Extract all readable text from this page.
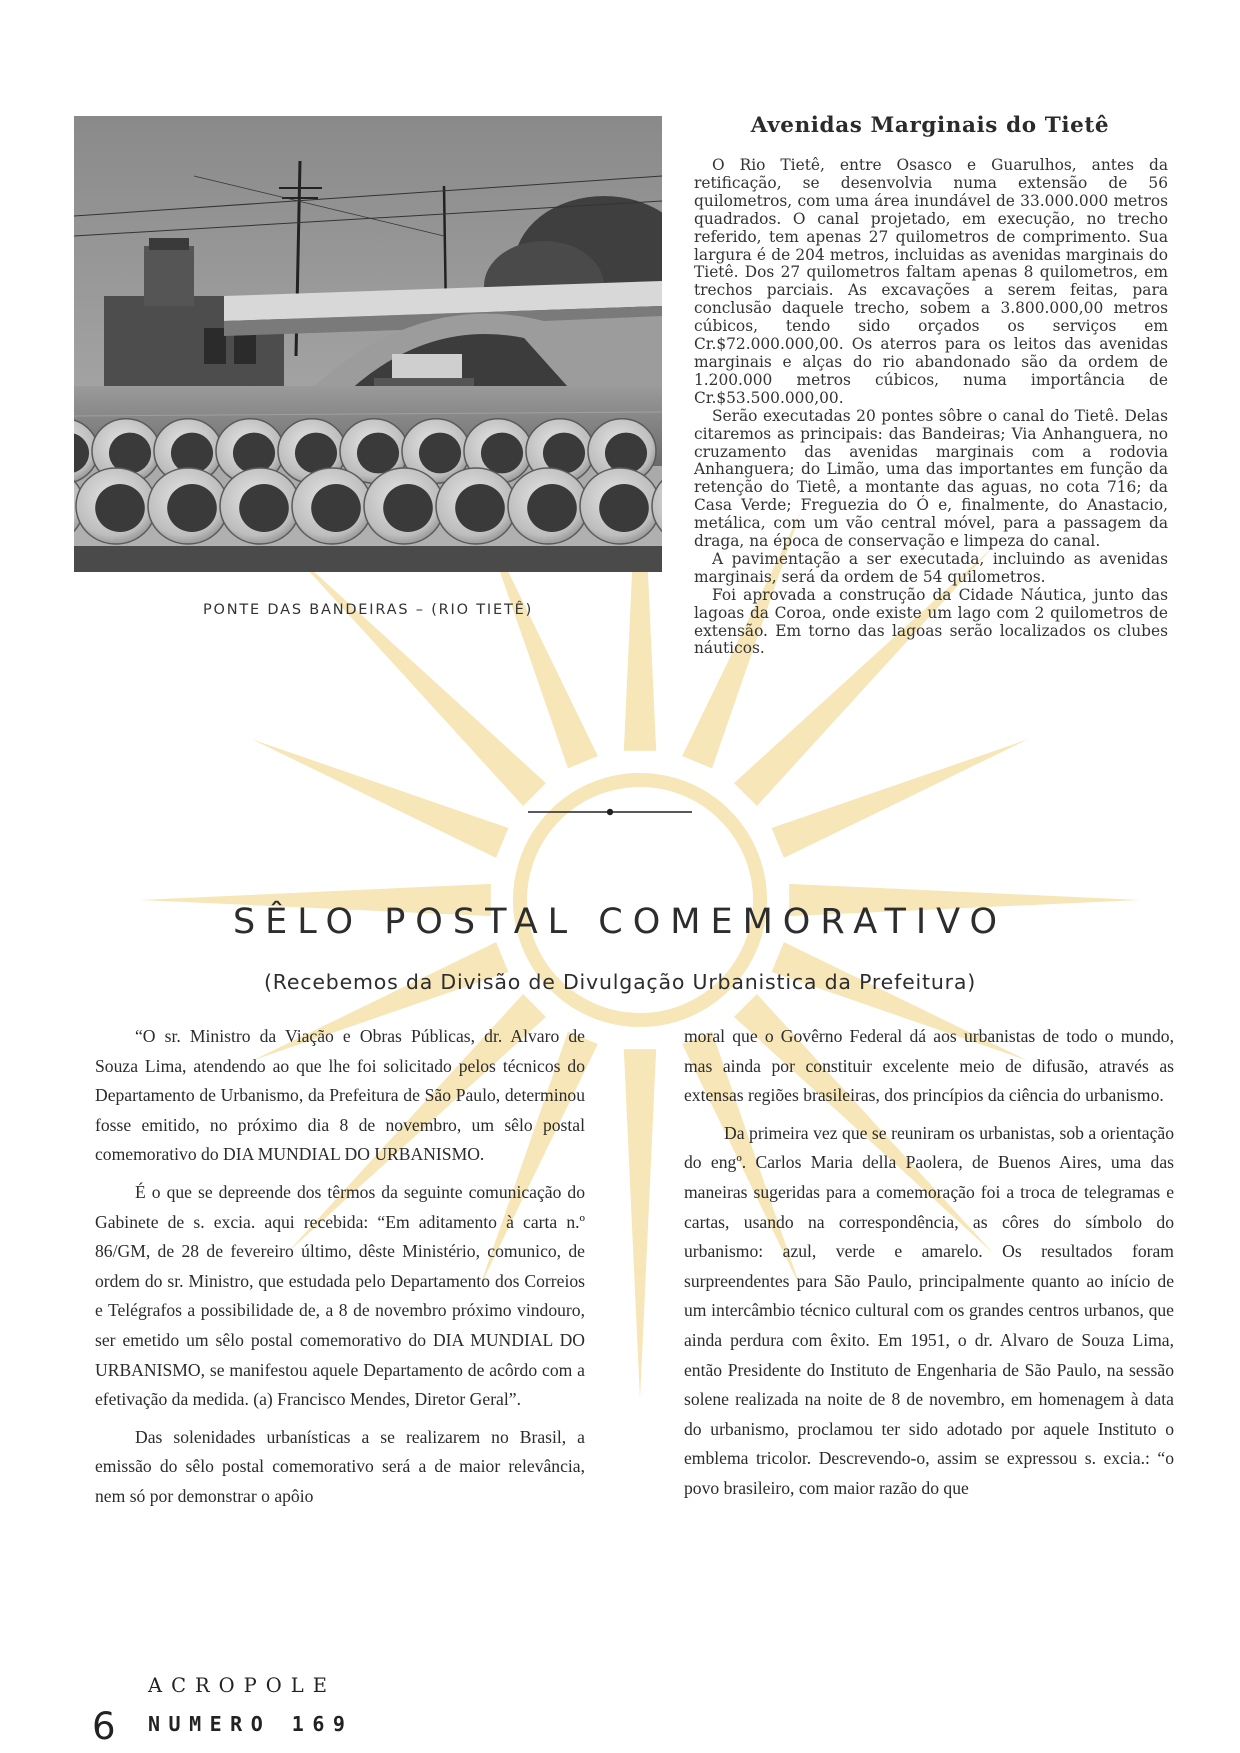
PONTE DAS BANDEIRAS – (RIO TIETÊ)
Avenidas Marginais do Tietê

O Rio Tietê, entre Osasco e Guarulhos, antes da retificação, se desenvolvia numa extensão de 56 quilometros, com uma área inundável de 33.000.000 metros quadrados. O canal projetado, em execução, no trecho referido, tem apenas 27 quilometros de comprimento. Sua largura é de 204 metros, incluidas as avenidas marginais do Tietê. Dos 27 quilometros faltam apenas 8 quilometros, em trechos parciais. As excavações a serem feitas, para conclusão daquele trecho, sobem a 3.800.000,00 metros cúbicos, tendo sido orçados os serviços em Cr.$72.000.000,00. Os aterros para os leitos das avenidas marginais e alças do rio abandonado são da ordem de 1.200.000 metros cúbicos, numa importância de Cr.$53.500.000,00.

Serão executadas 20 pontes sôbre o canal do Tietê. Delas citaremos as principais: das Bandeiras; Via Anhanguera, no cruzamento das avenidas marginais com a rodovia Anhanguera; do Limão, uma das importantes em função da retenção do Tietê, a montante das aguas, no cota 716; da Casa Verde; Freguezia do Ó e, finalmente, do Anastacio, metálica, com um vão central móvel, para a passagem da draga, na época de conservação e limpeza do canal.

A pavimentação a ser executada, incluindo as avenidas marginais, será da ordem de 54 quilometros.

Foi aprovada a construção da Cidade Náutica, junto das lagoas da Coroa, onde existe um lago com 2 quilometros de extensão. Em torno das lagoas serão localizados os clubes náuticos.

SÊLO POSTAL COMEMORATIVO
(Recebemos da Divisão de Divulgação Urbanistica da Prefeitura)

“O sr. Ministro da Viação e Obras Públicas, dr. Alvaro de Souza Lima, atendendo ao que lhe foi solicitado pelos técnicos do Departamento de Urbanismo, da Prefeitura de São Paulo, determinou fosse emitido, no próximo dia 8 de novembro, um sêlo postal comemorativo do DIA MUNDIAL DO URBANISMO.

É o que se depreende dos têrmos da seguinte comunicação do Gabinete de s. excia. aqui recebida: “Em aditamento à carta n.º 86/GM, de 28 de fevereiro último, dêste Ministério, comunico, de ordem do sr. Ministro, que estudada pelo Departamento dos Correios e Telégrafos a possibilidade de, a 8 de novembro próximo vindouro, ser emetido um sêlo postal comemorativo do DIA MUNDIAL DO URBANISMO, se manifestou aquele Departamento de acôrdo com a efetivação da medida. (a) Francisco Mendes, Diretor Geral”.

Das solenidades urbanísticas a se realizarem no Brasil, a emissão do sêlo postal comemorativo será a de maior relevância, nem só por demonstrar o apôio

moral que o Govêrno Federal dá aos urbanistas de todo o mundo, mas ainda por constituir excelente meio de difusão, através as extensas regiões brasileiras, dos princípios da ciência do urbanismo.

Da primeira vez que se reuniram os urbanistas, sob a orientação do engº. Carlos Maria della Paolera, de Buenos Aires, uma das maneiras sugeridas para a comemoração foi a troca de telegramas e cartas, usando na correspondência, as côres do símbolo do urbanismo: azul, verde e amarelo. Os resultados foram surpreendentes para São Paulo, principalmente quanto ao início de um intercâmbio técnico cultural com os grandes centros urbanos, que ainda perdura com êxito. Em 1951, o dr. Alvaro de Souza Lima, então Presidente do Instituto de Engenharia de São Paulo, na sessão solene realizada na noite de 8 de novembro, em homenagem à data do urbanismo, proclamou ter sido adotado por aquele Instituto o emblema tricolor. Descrevendo-o, assim se expressou s. excia.: “o povo brasileiro, com maior razão do que

6
ACROPOLE
NUMERO 169
